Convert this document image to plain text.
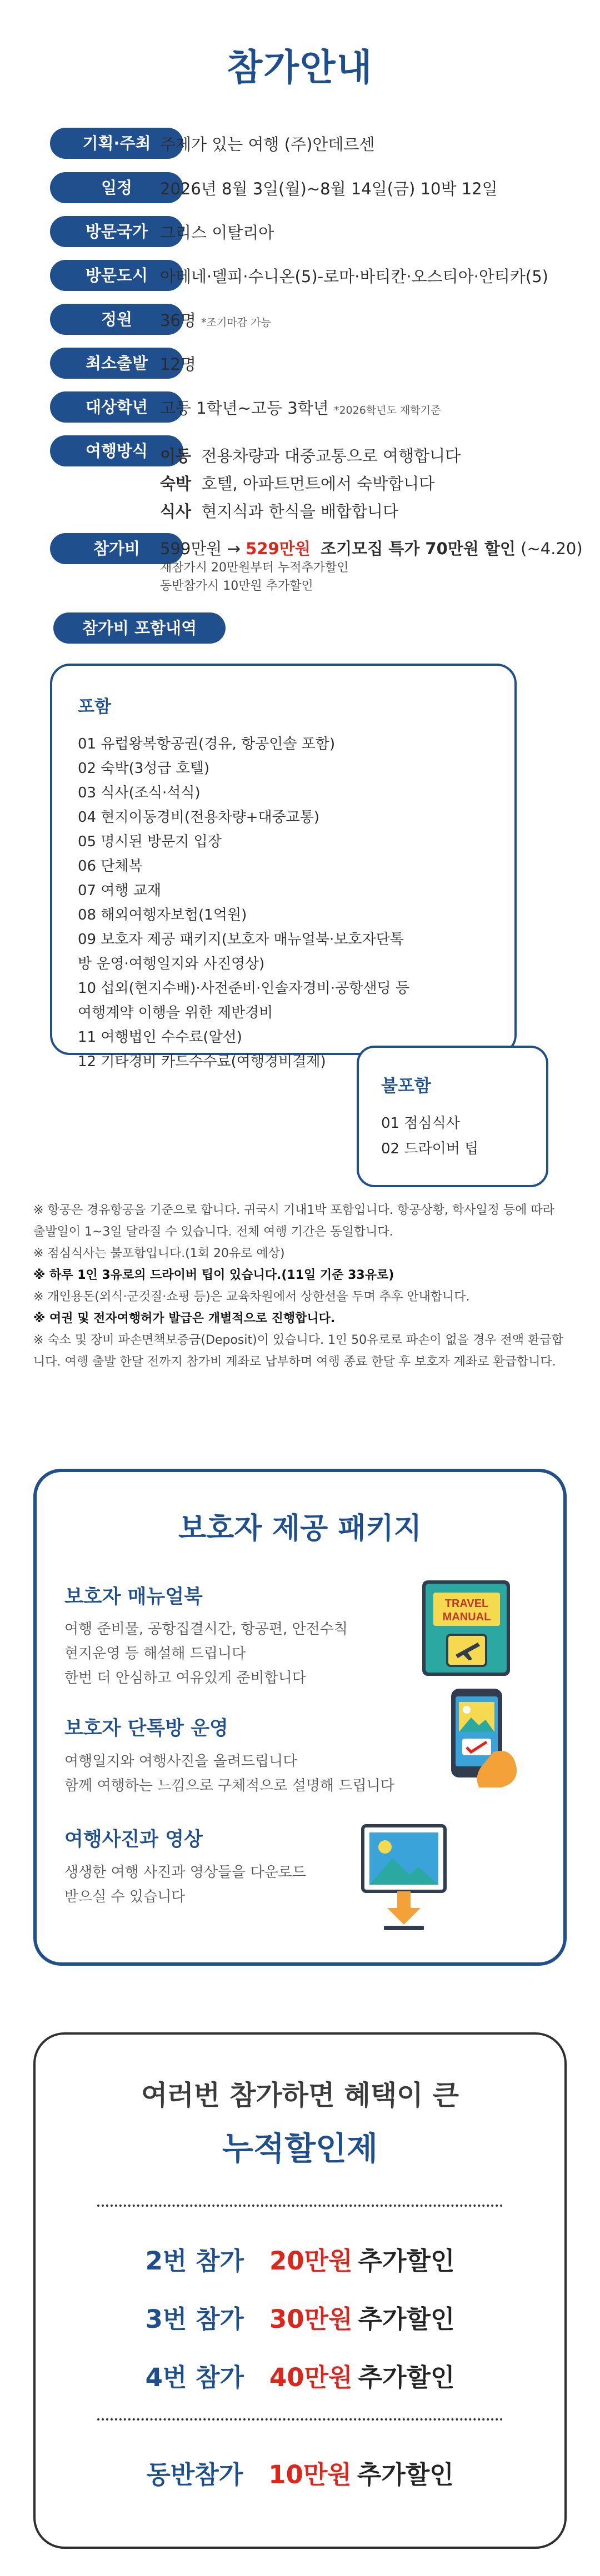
참가안내
기획·주최 주제가 있는 여행 (주)안데르센
일정	2026년 8월 3일(월)~8월 14일(금) 10박 12일
방문국가 그리스 이탈리아
방문도시 아테네·델피·수니온(5)-로마·바티칸·오스티아·안티카(5)
정원	36명 *조기마감 가능
최소출발 12명
대상학년 고등 1학년~고등 3학년 *2026학년도 재학기준
여행방식 이동 전용차량과 대중교통으로 여행합니다
숙박 호텔, 아파트먼트에서 숙박합니다
식사 현지식과 한식을 배합합니다
참가비	599만원 → 529만원 조기모집 특가 70만원 할인 (~4.20)
재참가시 20만원부터 누적추가할인
동반참가시 10만원 추가할인
참가비 포함내역
포함
01 유럽왕복항공권(경유, 항공인솔 포함)
02 숙박(3성급 호텔)
03 식사(조식·석식)
04 현지이동경비(전용차량+대중교통)
05 명시된 방문지 입장
06 단체복
07 여행 교재
08 해외여행자보험(1억원)
09 보호자 제공 패키지(보호자 매뉴얼북·보호자단톡방 운영·여행일지와 사진영상)
10 섭외(현지수배)·사전준비·인솔자경비·공항샌딩 등 여행계약 이행을 위한 제반경비
11 여행법인 수수료(알선)
12 기타경비 카드수수료(여행경비결제)
불포함
01 점심식사
02 드라이버 팁
※ 항공은 경유항공을 기준으로 합니다. 귀국시 기내1박 포함입니다. 항공상황, 학사일정 등에 따라 출발일이 1~3일 달라질 수 있습니다. 전체 여행 기간은 동일합니다.
※ 점심식사는 불포함입니다.(1회 20유로 예상)
※ 하루 1인 3유로의 드라이버 팁이 있습니다.(11일 기준 33유로)
※ 개인용돈(외식·군것질·쇼핑 등)은 교육차원에서 상한선을 두며 추후 안내합니다.
※ 여권 및 전자여행허가 발급은 개별적으로 진행합니다.
※ 숙소 및 장비 파손면책보증금(Deposit)이 있습니다. 1인 50유로로 파손이 없을 경우 전액 환급합니다. 여행 출발 한달 전까지 참가비 계좌로 납부하며 여행 종료 한달 후 보호자 계좌로 환급합니다.
보호자 제공 패키지
보호자 매뉴얼북
여행 준비물, 공항집결시간, 항공편, 안전수칙
현지운영 등 해설해 드립니다
한번 더 안심하고 여유있게 준비합니다
TRAVEL
MANUAL
보호자 단톡방 운영
여행일지와 여행사진을 올려드립니다
함께 여행하는 느낌으로 구체적으로 설명해 드립니다
여행사진과 영상
생생한 여행 사진과 영상들을 다운로드
받으실 수 있습니다
여러번 참가하면 혜택이 큰
누적할인제
2번 참가 20만원 추가할인
3번 참가 30만원 추가할인
4번 참가 40만원 추가할인
동반참가 10만원 추가할인
